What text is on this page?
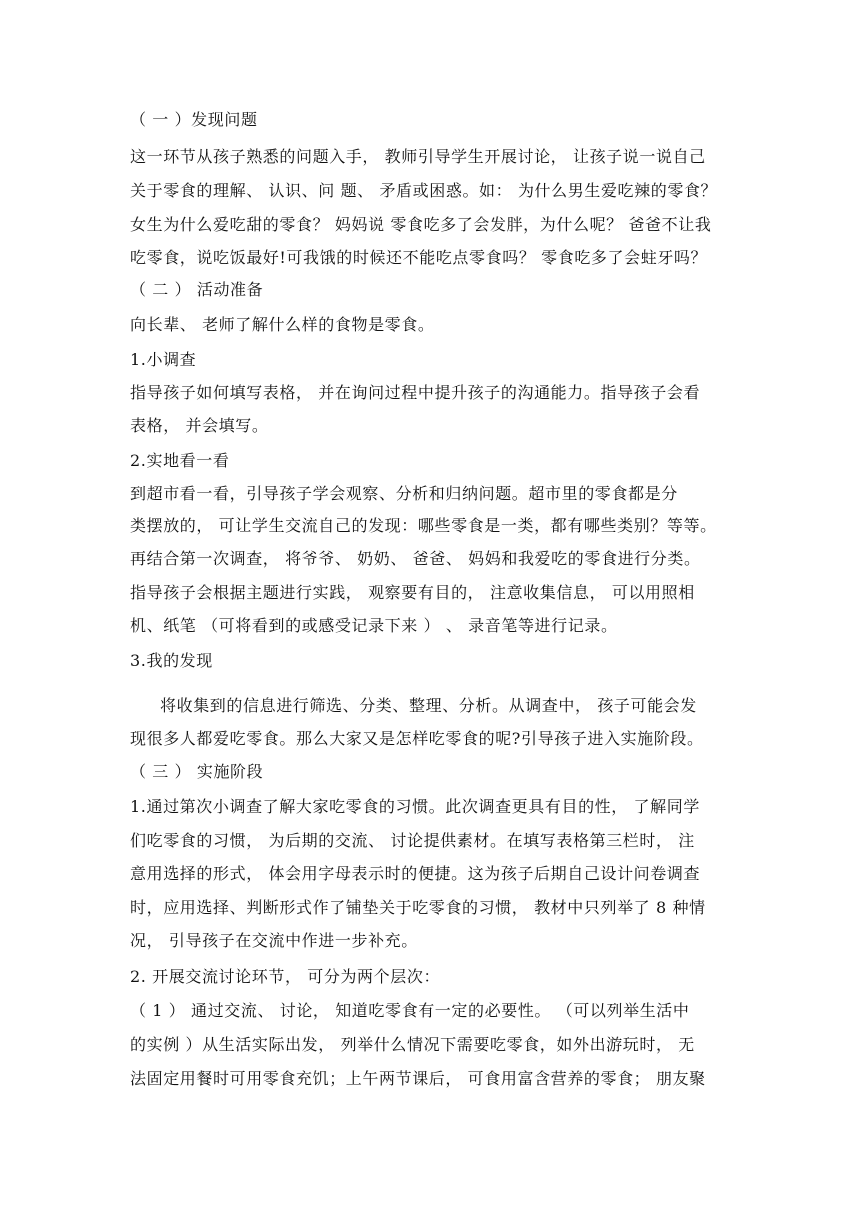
（ 一 ）发现问题
这一环节从孩子熟悉的问题入手， 教师引导学生开展讨论， 让孩子说一说自己
关于零食的理解、 认识、问 题、 矛盾或困惑。如： 为什么男生爱吃辣的零食？
女生为什么爱吃甜的零食？ 妈妈说 零食吃多了会发胖，为什么呢？ 爸爸不让我
吃零食，说吃饭最好!可我饿的时候还不能吃点零食吗？ 零食吃多了会蛀牙吗？
（ 二 ） 活动准备
向长辈、 老师了解什么样的食物是零食。
1.小调查
指导孩子如何填写表格， 并在询问过程中提升孩子的沟通能力。指导孩子会看
表格， 并会填写。
2.实地看一看
到超市看一看，引导孩子学会观察、分析和归纳问题。超市里的零食都是分
类摆放的， 可让学生交流自己的发现：哪些零食是一类，都有哪些类别？等等。
再结合第一次调查， 将爷爷、 奶奶、 爸爸、 妈妈和我爱吃的零食进行分类。
指导孩子会根据主题进行实践， 观察要有目的， 注意收集信息， 可以用照相
机、纸笔 （可将看到的或感受记录下来 ） 、 录音笔等进行记录。
3.我的发现
将收集到的信息进行筛选、分类、整理、分析。从调查中， 孩子可能会发
现很多人都爱吃零食。那么大家又是怎样吃零食的呢?引导孩子进入实施阶段。
（ 三 ） 实施阶段
1.通过第次小调查了解大家吃零食的习惯。此次调查更具有目的性， 了解同学
们吃零食的习惯， 为后期的交流、 讨论提供素材。在填写表格第三栏时， 注
意用选择的形式， 体会用字母表示时的便捷。这为孩子后期自己设计问卷调查
时，应用选择、判断形式作了铺垫关于吃零食的习惯， 教材中只列举了 8 种情
况， 引导孩子在交流中作进一步补充。
2. 开展交流讨论环节， 可分为两个层次：
（ 1 ） 通过交流、 讨论， 知道吃零食有一定的必要性。 （可以列举生活中
的实例 ）从生活实际出发， 列举什么情况下需要吃零食，如外出游玩时， 无
法固定用餐时可用零食充饥；上午两节课后， 可食用富含营养的零食； 朋友聚
